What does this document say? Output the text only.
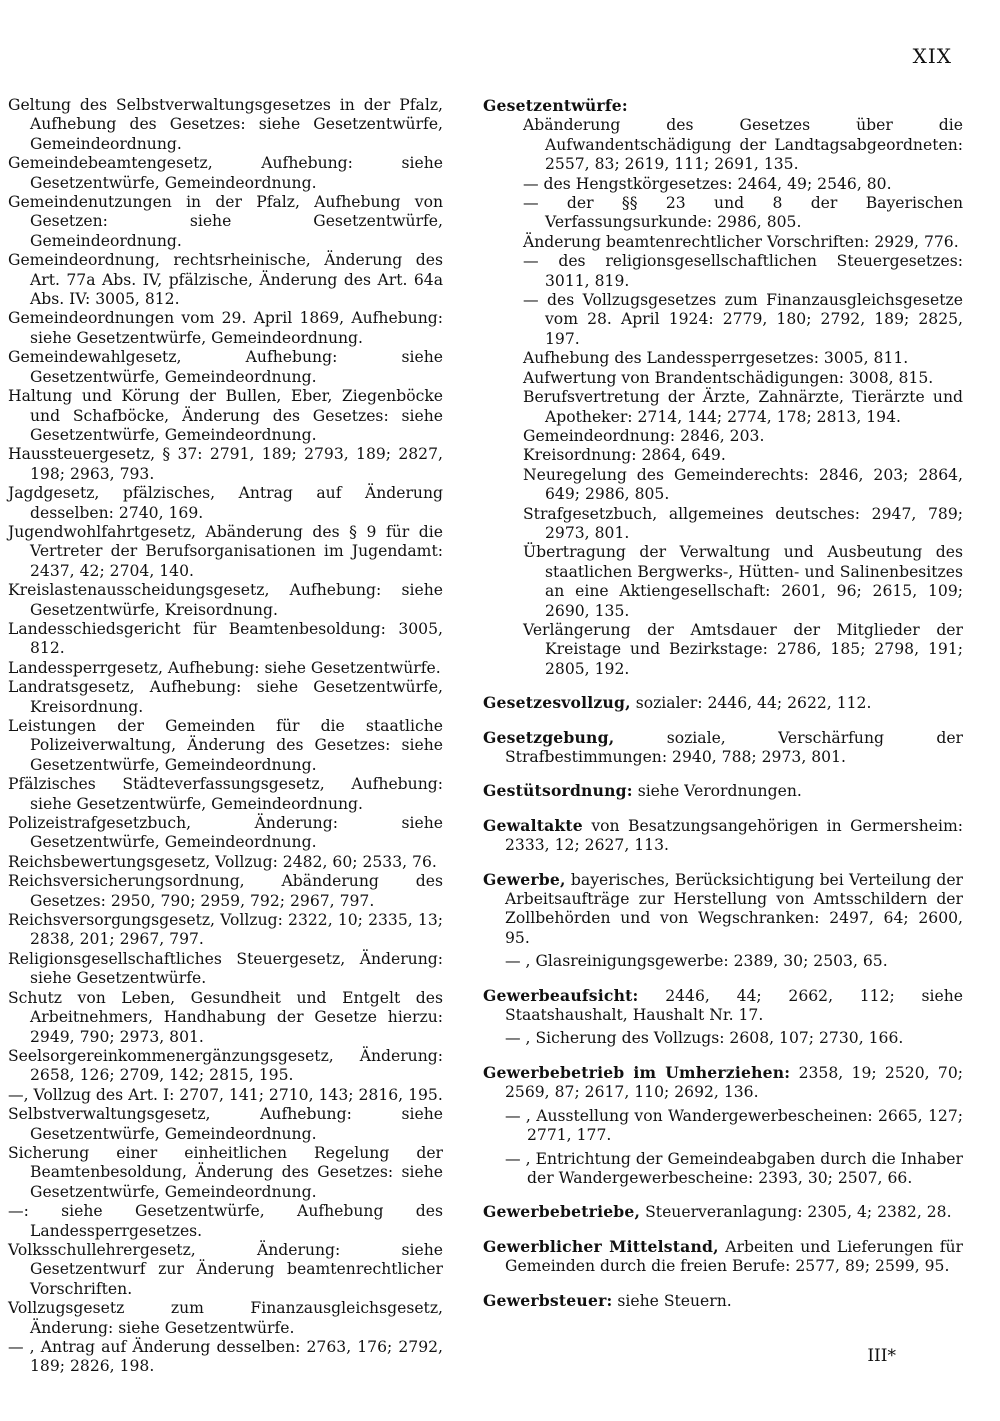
XIX
Geltung des Selbstverwaltungsgesetzes in der Pfalz, Aufhebung des Gesetzes: siehe Gesetzentwürfe, Gemeindeordnung.
Gemeindebeamtengesetz, Aufhebung: siehe Gesetzentwürfe, Gemeindeordnung.
Gemeindenutzungen in der Pfalz, Aufhebung von Gesetzen: siehe Gesetzentwürfe, Gemeindeordnung.
Gemeindeordnung, rechtsrheinische, Änderung des Art. 77a Abs. IV, pfälzische, Änderung des Art. 64a Abs. IV: 3005, 812.
Gemeindeordnungen vom 29. April 1869, Aufhebung: siehe Gesetzentwürfe, Gemeindeordnung.
Gemeindewahlgesetz, Aufhebung: siehe Gesetzentwürfe, Gemeindeordnung.
Haltung und Körung der Bullen, Eber, Ziegenböcke und Schafböcke, Änderung des Gesetzes: siehe Gesetzentwürfe, Gemeindeordnung.
Haussteuergesetz, § 37: 2791, 189; 2793, 189; 2827, 198; 2963, 793.
Jagdgesetz, pfälzisches, Antrag auf Änderung desselben: 2740, 169.
Jugendwohlfahrtgesetz, Abänderung des § 9 für die Vertreter der Berufsorganisationen im Jugendamt: 2437, 42; 2704, 140.
Kreislastenausscheidungsgesetz, Aufhebung: siehe Gesetzentwürfe, Kreisordnung.
Landesschiedsgericht für Beamtenbesoldung: 3005, 812.
Landessperrgesetz, Aufhebung: siehe Gesetzentwürfe.
Landratsgesetz, Aufhebung: siehe Gesetzentwürfe, Kreisordnung.
Leistungen der Gemeinden für die staatliche Polizeiverwaltung, Änderung des Gesetzes: siehe Gesetzentwürfe, Gemeindeordnung.
Pfälzisches Städteverfassungsgesetz, Aufhebung: siehe Gesetzentwürfe, Gemeindeordnung.
Polizeistrafgesetzbuch, Änderung: siehe Gesetzentwürfe, Gemeindeordnung.
Reichsbewertungsgesetz, Vollzug: 2482, 60; 2533, 76.
Reichsversicherungsordnung, Abänderung des Gesetzes: 2950, 790; 2959, 792; 2967, 797.
Reichsversorgungsgesetz, Vollzug: 2322, 10; 2335, 13; 2838, 201; 2967, 797.
Religionsgesellschaftliches Steuergesetz, Änderung: siehe Gesetzentwürfe.
Schutz von Leben, Gesundheit und Entgelt des Arbeitnehmers, Handhabung der Gesetze hierzu: 2949, 790; 2973, 801.
Seelsorgereinkommenergänzungsgesetz, Änderung: 2658, 126; 2709, 142; 2815, 195.
—, Vollzug des Art. I: 2707, 141; 2710, 143; 2816, 195.
Selbstverwaltungsgesetz, Aufhebung: siehe Gesetzentwürfe, Gemeindeordnung.
Sicherung einer einheitlichen Regelung der Beamtenbesoldung, Änderung des Gesetzes: siehe Gesetzentwürfe, Gemeindeordnung.
—: siehe Gesetzentwürfe, Aufhebung des Landessperrgesetzes.
Volksschullehrergesetz, Änderung: siehe Gesetzentwurf zur Änderung beamtenrechtlicher Vorschriften.
Vollzugsgesetz zum Finanzausgleichsgesetz, Änderung: siehe Gesetzentwürfe.
— , Antrag auf Änderung desselben: 2763, 176; 2792, 189; 2826, 198.
Gesetzentwürfe:
Abänderung des Gesetzes über die Aufwandentschädigung der Landtagsabgeordneten: 2557, 83; 2619, 111; 2691, 135.
— des Hengstkörgesetzes: 2464, 49; 2546, 80.
— der §§ 23 und 8 der Bayerischen Verfassungsurkunde: 2986, 805.
Änderung beamtenrechtlicher Vorschriften: 2929, 776.
— des religionsgesellschaftlichen Steuergesetzes: 3011, 819.
— des Vollzugsgesetzes zum Finanzausgleichsgesetze vom 28. April 1924: 2779, 180; 2792, 189; 2825, 197.
Aufhebung des Landessperrgesetzes: 3005, 811.
Aufwertung von Brandentschädigungen: 3008, 815.
Berufsvertretung der Ärzte, Zahnärzte, Tierärzte und Apotheker: 2714, 144; 2774, 178; 2813, 194.
Gemeindeordnung: 2846, 203.
Kreisordnung: 2864, 649.
Neuregelung des Gemeinderechts: 2846, 203; 2864, 649; 2986, 805.
Strafgesetzbuch, allgemeines deutsches: 2947, 789; 2973, 801.
Übertragung der Verwaltung und Ausbeutung des staatlichen Bergwerks-, Hütten- und Salinenbesitzes an eine Aktiengesellschaft: 2601, 96; 2615, 109; 2690, 135.
Verlängerung der Amtsdauer der Mitglieder der Kreistage und Bezirkstage: 2786, 185; 2798, 191; 2805, 192.
Gesetzesvollzug, sozialer: 2446, 44; 2622, 112.
Gesetzgebung, soziale, Verschärfung der Strafbestimmungen: 2940, 788; 2973, 801.
Gestütsordnung: siehe Verordnungen.
Gewaltakte von Besatzungsangehörigen in Germersheim: 2333, 12; 2627, 113.
Gewerbe, bayerisches, Berücksichtigung bei Verteilung der Arbeitsaufträge zur Herstellung von Amtsschildern der Zollbehörden und von Wegschranken: 2497, 64; 2600, 95.
— , Glasreinigungsgewerbe: 2389, 30; 2503, 65.
Gewerbeaufsicht: 2446, 44; 2662, 112; siehe Staatshaushalt, Haushalt Nr. 17.
— , Sicherung des Vollzugs: 2608, 107; 2730, 166.
Gewerbebetrieb im Umherziehen: 2358, 19; 2520, 70; 2569, 87; 2617, 110; 2692, 136.
— , Ausstellung von Wandergewerbescheinen: 2665, 127; 2771, 177.
— , Entrichtung der Gemeindeabgaben durch die Inhaber der Wandergewerbescheine: 2393, 30; 2507, 66.
Gewerbebetriebe, Steuerveranlagung: 2305, 4; 2382, 28.
Gewerblicher Mittelstand, Arbeiten und Lieferungen für Gemeinden durch die freien Berufe: 2577, 89; 2599, 95.
Gewerbsteuer: siehe Steuern.
III*
